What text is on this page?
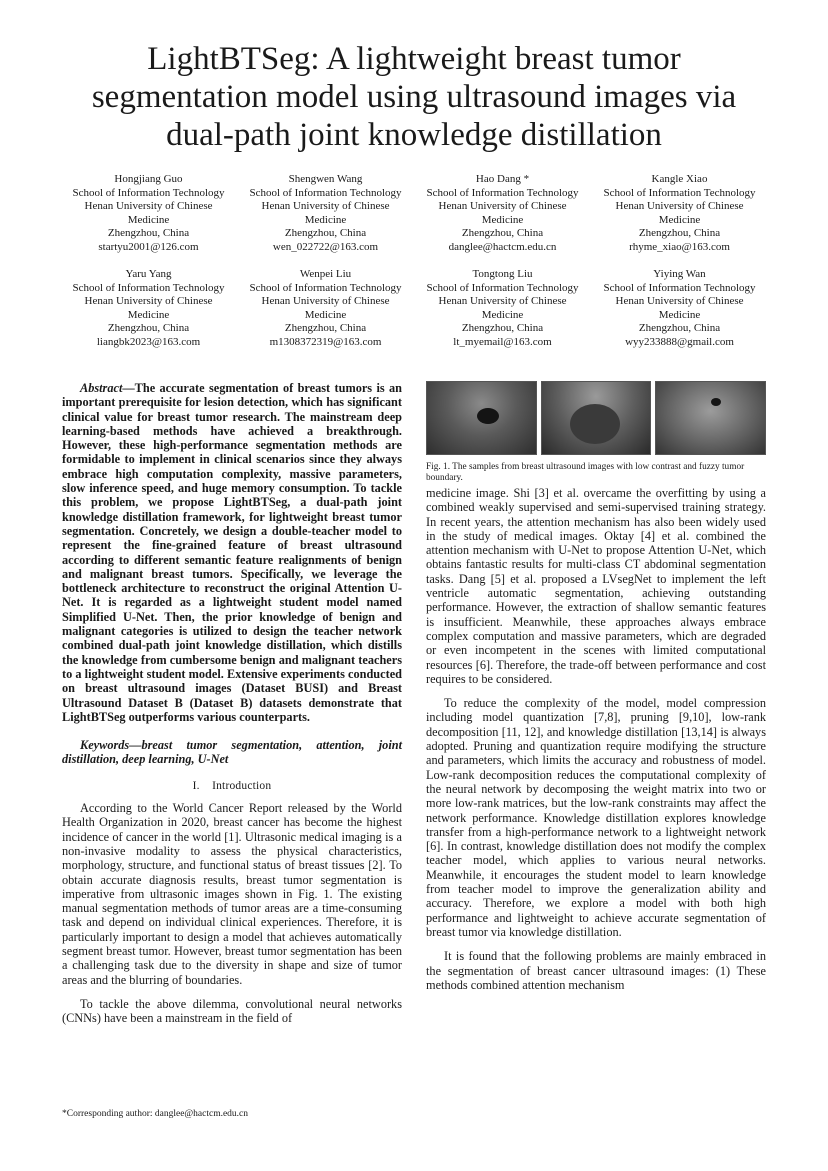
LightBTSeg: A lightweight breast tumor
segmentation model using ultrasound images via
dual-path joint knowledge distillation
Hongjiang Guo
School of Information Technology
Henan University of Chinese
Medicine
Zhengzhou, China
startyu2001@126.com
Shengwen Wang
School of Information Technology
Henan University of Chinese
Medicine
Zhengzhou, China
wen_022722@163.com
Hao Dang *
School of Information Technology
Henan University of Chinese
Medicine
Zhengzhou, China
danglee@hactcm.edu.cn
Kangle Xiao
School of Information Technology
Henan University of Chinese
Medicine
Zhengzhou, China
rhyme_xiao@163.com
Yaru Yang
School of Information Technology
Henan University of Chinese
Medicine
Zhengzhou, China
liangbk2023@163.com
Wenpei Liu
School of Information Technology
Henan University of Chinese
Medicine
Zhengzhou, China
m1308372319@163.com
Tongtong Liu
School of Information Technology
Henan University of Chinese
Medicine
Zhengzhou, China
lt_myemail@163.com
Yiying Wan
School of Information Technology
Henan University of Chinese
Medicine
Zhengzhou, China
wyy233888@gmail.com

Abstract—The accurate segmentation of breast tumors is an important prerequisite for lesion detection, which has significant clinical value for breast tumor research. The mainstream deep learning-based methods have achieved a breakthrough. However, these high-performance segmentation methods are formidable to implement in clinical scenarios since they always embrace high computation complexity, massive parameters, slow inference speed, and huge memory consumption. To tackle this problem, we propose LightBTSeg, a dual-path joint knowledge distillation framework, for lightweight breast tumor segmentation. Concretely, we design a double-teacher model to represent the fine-grained feature of breast ultrasound according to different semantic feature realignments of benign and malignant breast tumors. Specifically, we leverage the bottleneck architecture to reconstruct the original Attention U-Net. It is regarded as a lightweight student model named Simplified U-Net. Then, the prior knowledge of benign and malignant categories is utilized to design the teacher network combined dual-path joint knowledge distillation, which distills the knowledge from cumbersome benign and malignant teachers to a lightweight student model. Extensive experiments conducted on breast ultrasound images (Dataset BUSI) and Breast Ultrasound Dataset B (Dataset B) datasets demonstrate that LightBTSeg outperforms various counterparts.

Keywords—breast tumor segmentation, attention, joint distillation, deep learning, U-Net

I. Introduction

According to the World Cancer Report released by the World Health Organization in 2020, breast cancer has become the highest incidence of cancer in the world [1]. Ultrasonic medical imaging is a non-invasive modality to assess the physical characteristics, morphology, structure, and functional status of breast tissues [2]. To obtain accurate diagnosis results, breast tumor segmentation is imperative from ultrasonic images shown in Fig. 1. The existing manual segmentation methods of tumor areas are a time-consuming task and depend on individual clinical experiences. Therefore, it is particularly important to design a model that achieves automatically segment breast tumor. However, breast tumor segmentation has been a challenging task due to the diversity in shape and size of tumor areas and the blurring of boundaries.

To tackle the above dilemma, convolutional neural networks (CNNs) have been a mainstream in the field of

Fig. 1. The samples from breast ultrasound images with low contrast and fuzzy tumor boundary.

medicine image. Shi [3] et al. overcame the overfitting by using a combined weakly supervised and semi-supervised training strategy. In recent years, the attention mechanism has also been widely used in the study of medical images. Oktay [4] et al. combined the attention mechanism with U-Net to propose Attention U-Net, which obtains fantastic results for multi-class CT abdominal segmentation tasks. Dang [5] et al. proposed a LVsegNet to implement the left ventricle automatic segmentation, achieving outstanding performance. However, the extraction of shallow semantic features is insufficient. Meanwhile, these approaches always embrace complex computation and massive parameters, which are degraded or even incompetent in the scenes with limited computational resources [6]. Therefore, the trade-off between performance and cost requires to be considered.

To reduce the complexity of the model, model compression including model quantization [7,8], pruning [9,10], low-rank decomposition [11, 12], and knowledge distillation [13,14] is always adopted. Pruning and quantization require modifying the structure and parameters, which limits the accuracy and robustness of model. Low-rank decomposition reduces the computational complexity of the neural network by decomposing the weight matrix into two or more low-rank matrices, but the low-rank constraints may affect the network performance. Knowledge distillation explores knowledge transfer from a high-performance network to a lightweight network [6]. In contrast, knowledge distillation does not modify the complex teacher model, which applies to various neural networks. Meanwhile, it encourages the student model to learn knowledge from teacher model to improve the generalization ability and accuracy. Therefore, we explore a model with both high performance and lightweight to achieve accurate segmentation of breast tumor via knowledge distillation.

It is found that the following problems are mainly embraced in the segmentation of breast cancer ultrasound images: (1) These methods combined attention mechanism

*Corresponding author: danglee@hactcm.edu.cn
